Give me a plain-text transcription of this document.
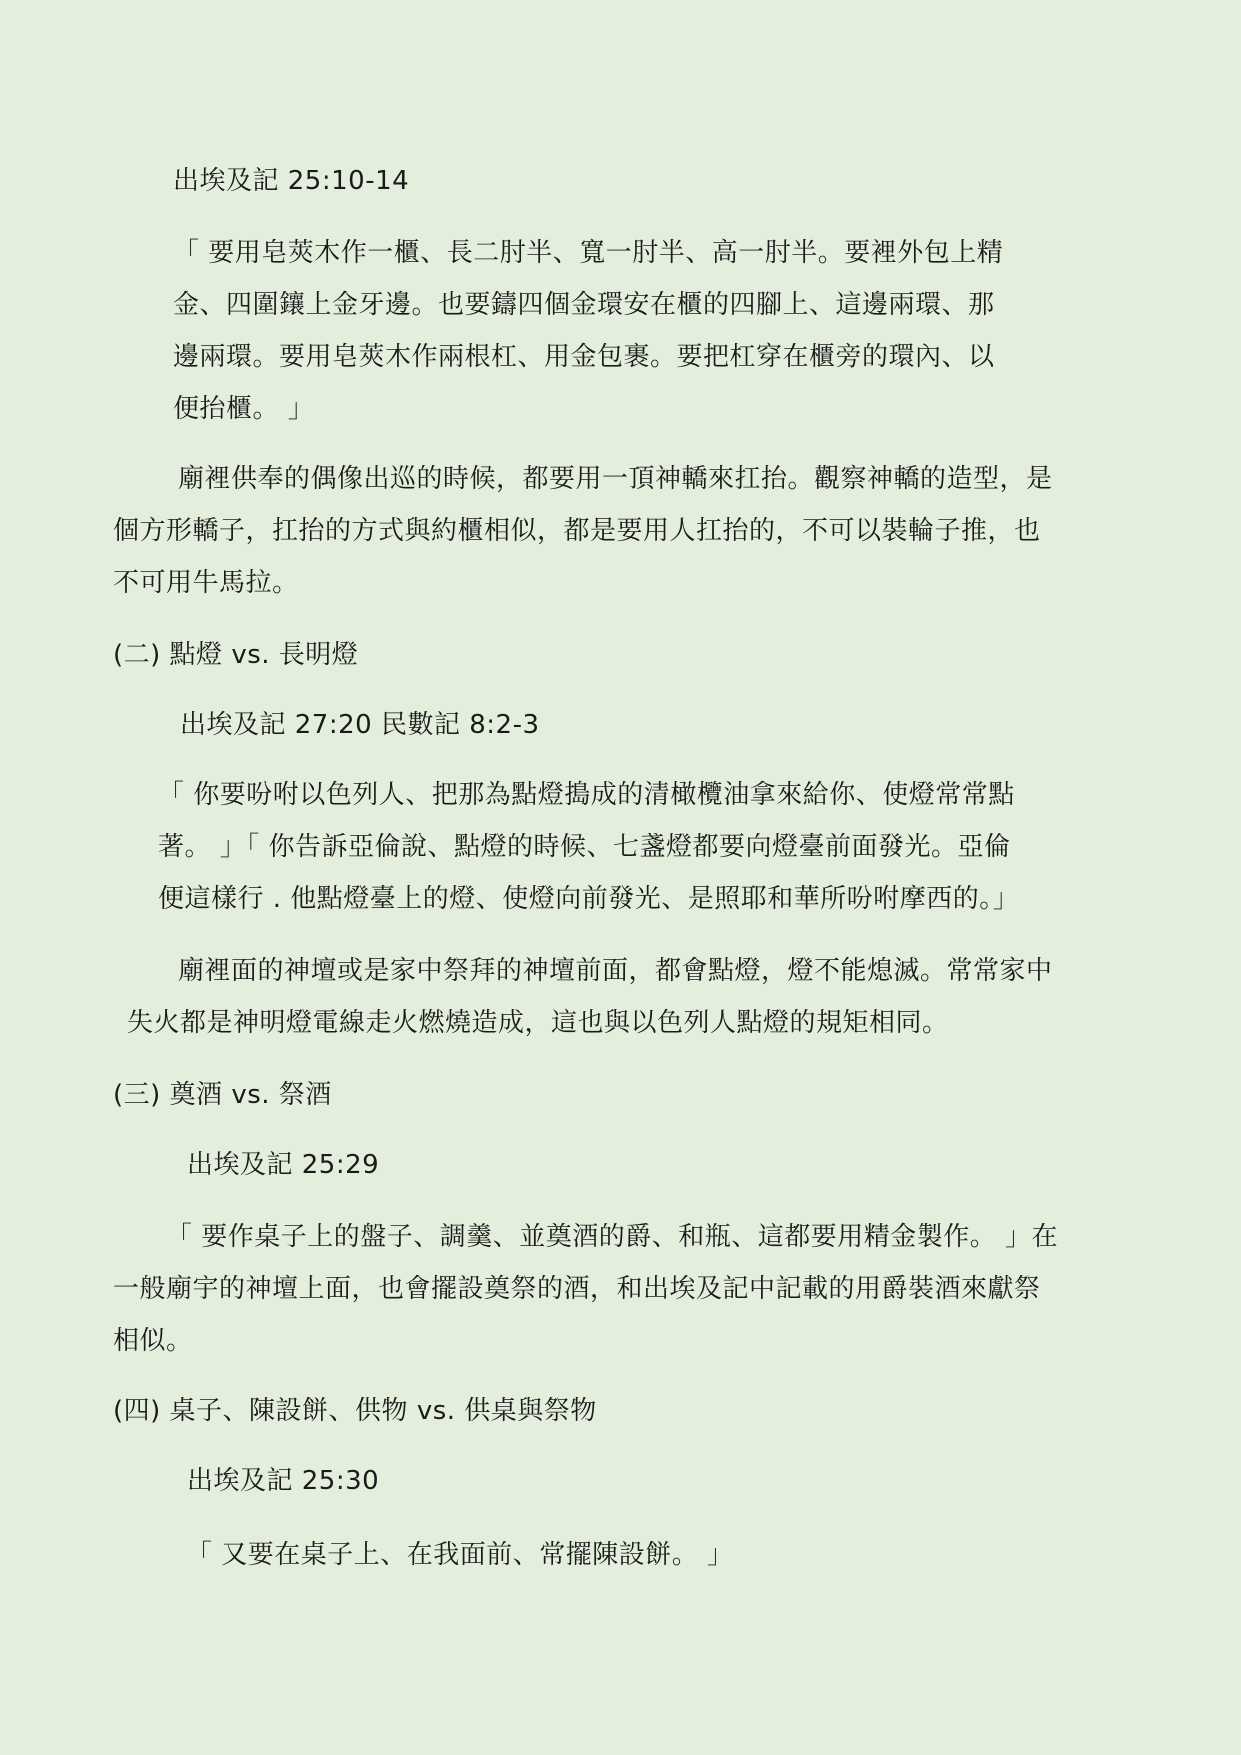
出埃及記 25:10-14
「 要用皂莢木作一櫃、長二肘半、寬一肘半、高一肘半。要裡外包上精
金、四圍鑲上金牙邊。也要鑄四個金環安在櫃的四腳上、這邊兩環、那
邊兩環。要用皂莢木作兩根杠、用金包裹。要把杠穿在櫃旁的環內、以
便抬櫃。 」
廟裡供奉的偶像出巡的時候，都要用一頂神轎來扛抬。觀察神轎的造型，是
個方形轎子，扛抬的方式與約櫃相似，都是要用人扛抬的，不可以裝輪子推，也
不可用牛馬拉。
(二) 點燈 vs. 長明燈
出埃及記 27:20 民數記 8:2-3
「 你要吩咐以色列人、把那為點燈搗成的清橄欖油拿來給你、使燈常常點
著。 」「 你告訴亞倫說、點燈的時候、七盞燈都要向燈臺前面發光。亞倫
便這樣行 . 他點燈臺上的燈、使燈向前發光、是照耶和華所吩咐摩西的。」
廟裡面的神壇或是家中祭拜的神壇前面，都會點燈，燈不能熄滅。常常家中
失火都是神明燈電線走火燃燒造成，這也與以色列人點燈的規矩相同。
(三) 奠酒 vs. 祭酒
出埃及記 25:29
「 要作桌子上的盤子、調羹、並奠酒的爵、和瓶、這都要用精金製作。 」在
一般廟宇的神壇上面，也會擺設奠祭的酒，和出埃及記中記載的用爵裝酒來獻祭
相似。
(四) 桌子、陳設餅、供物 vs. 供桌與祭物
出埃及記 25:30
「 又要在桌子上、在我面前、常擺陳設餅。 」
